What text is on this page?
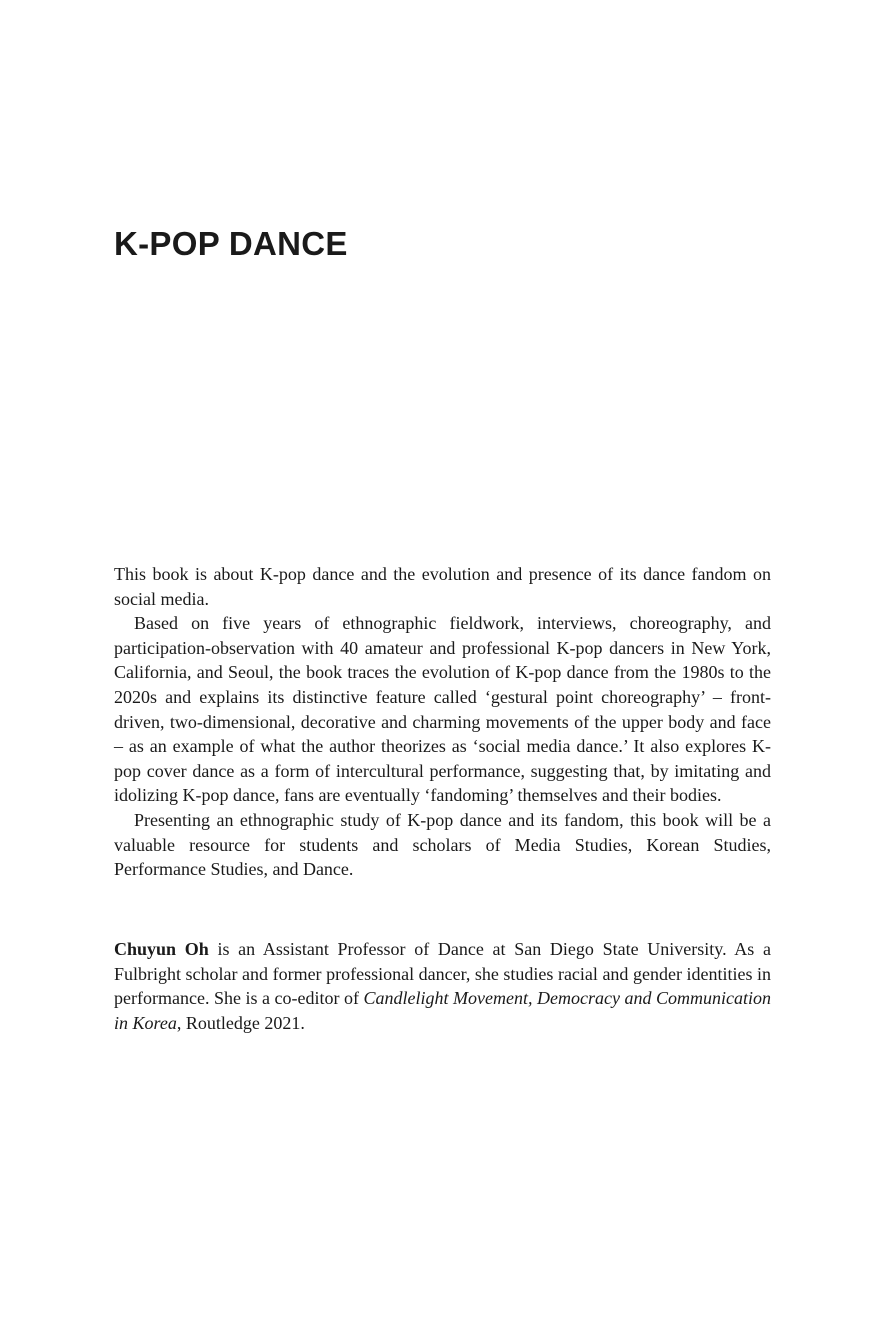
K-POP DANCE

This book is about K-pop dance and the evolution and presence of its dance fandom on social media.

Based on five years of ethnographic fieldwork, interviews, choreography, and participation-observation with 40 amateur and professional K-pop dancers in New York, California, and Seoul, the book traces the evolution of K-pop dance from the 1980s to the 2020s and explains its distinctive feature called ‘gestural point choreography’ – front-driven, two-dimensional, decorative and charming movements of the upper body and face – as an example of what the author theorizes as ‘social media dance.’ It also explores K-pop cover dance as a form of intercultural performance, suggesting that, by imitating and idolizing K-pop dance, fans are eventually ‘fandoming’ themselves and their bodies.

Presenting an ethnographic study of K-pop dance and its fandom, this book will be a valuable resource for students and scholars of Media Studies, Korean Studies, Performance Studies, and Dance.

Chuyun Oh is an Assistant Professor of Dance at San Diego State University. As a Fulbright scholar and former professional dancer, she studies racial and gender identities in performance. She is a co-editor of Candlelight Movement, Democracy and Communication in Korea, Routledge 2021.
